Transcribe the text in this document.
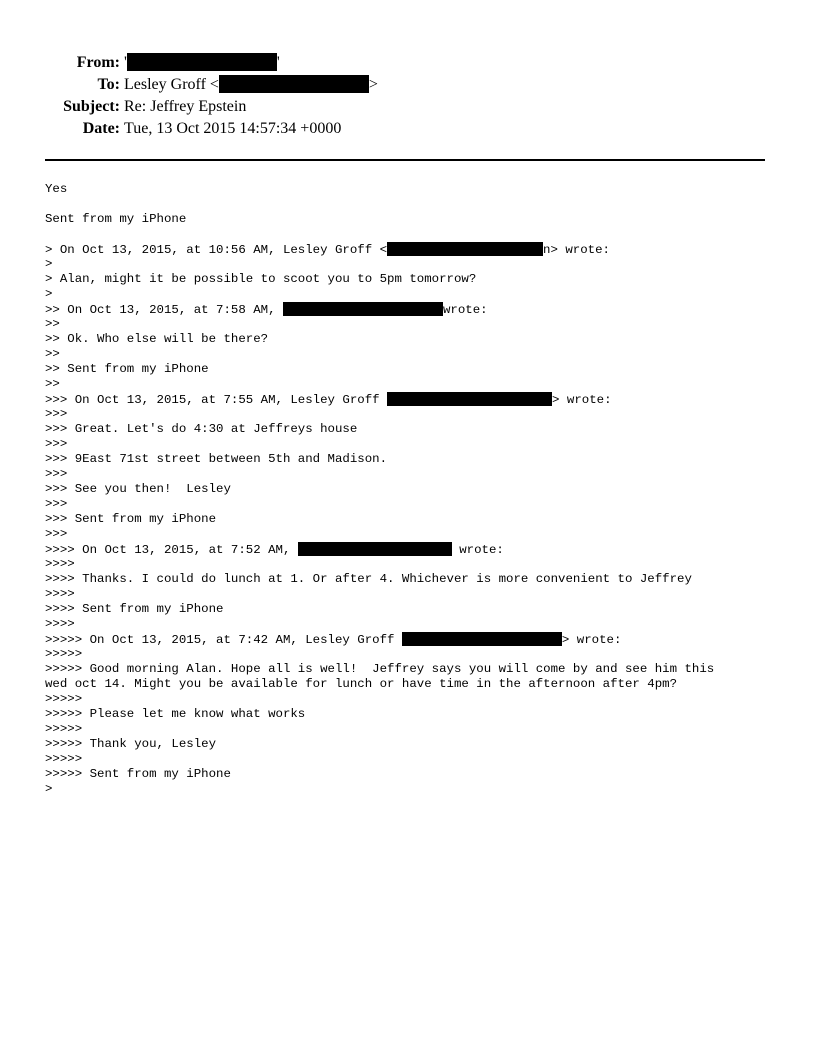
From: '	'
To: Lesley Groff <	>
Subject: Re: Jeffrey Epstein
Date: Tue, 13 Oct 2015 14:57:34 +0000
Yes
Sent from my iPhone
> On Oct 13, 2015, at 10:56 AM, Lesley Groff <	n> wrote:
>
> Alan, might it be possible to scoot you to 5pm tomorrow?
>
>> On Oct 13, 2015, at 7:58 AM,	wrote:
>>
>> Ok. Who else will be there?
>>
>> Sent from my iPhone
>>
>>> On Oct 13, 2015, at 7:55 AM, Lesley Groff	> wrote:
>>>
>>> Great. Let's do 4:30 at Jeffreys house
>>>
>>> 9East 71st street between 5th and Madison.
>>>
>>> See you then!  Lesley
>>>
>>> Sent from my iPhone
>>>
>>>> On Oct 13, 2015, at 7:52 AM,	wrote:
>>>>
>>>> Thanks. I could do lunch at 1. Or after 4. Whichever is more convenient to Jeffrey
>>>>
>>>> Sent from my iPhone
>>>>
>>>>> On Oct 13, 2015, at 7:42 AM, Lesley Groff	> wrote:
>>>>>
>>>>> Good morning Alan. Hope all is well!  Jeffrey says you will come by and see him this
wed oct 14. Might you be available for lunch or have time in the afternoon after 4pm?
>>>>>
>>>>> Please let me know what works
>>>>>
>>>>> Thank you, Lesley
>>>>>
>>>>> Sent from my iPhone
>
